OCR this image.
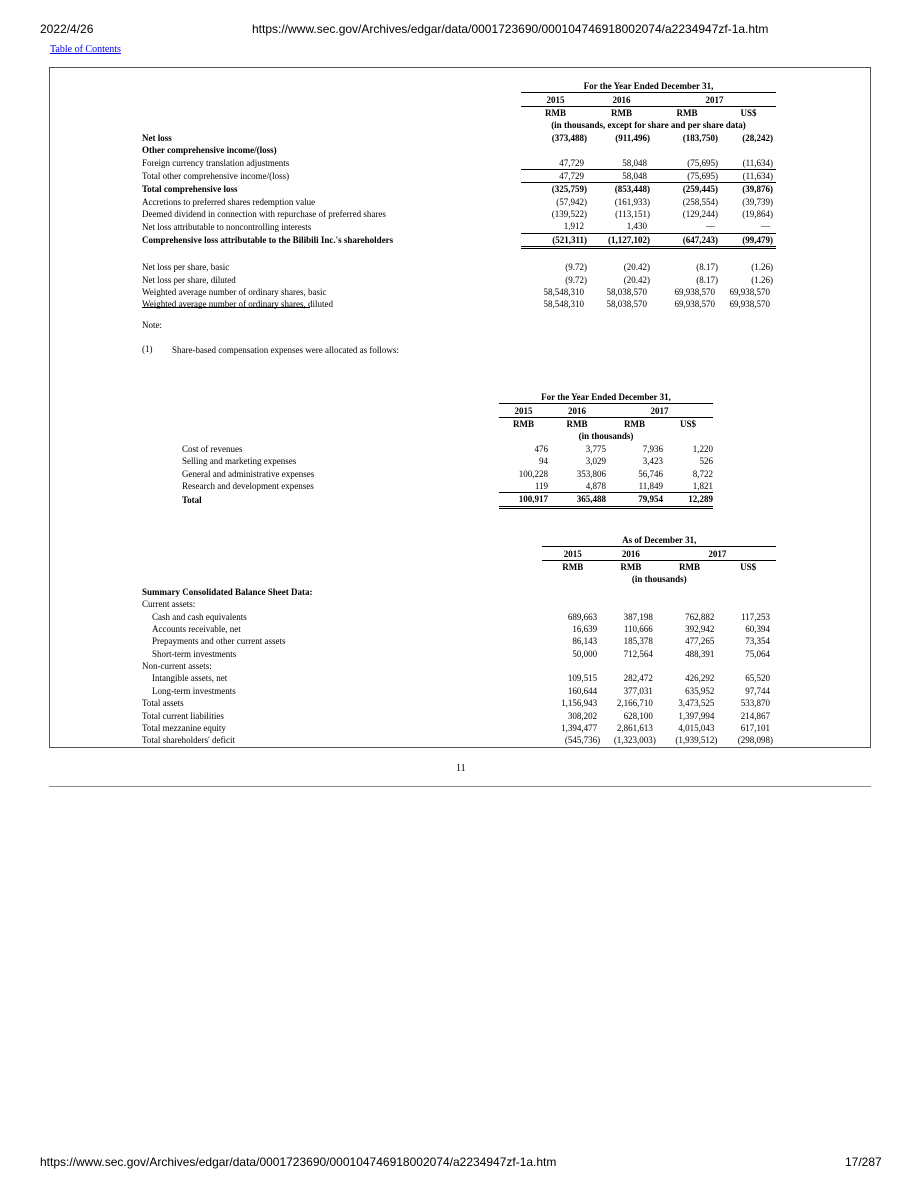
2022/4/26	https://www.sec.gov/Archives/edgar/data/0001723690/000104746918002074/a2234947zf-1a.htm
Table of Contents
	For the Year Ended December 31,							
	2015		2016		2017			
	RMB		RMB		RMB		US$	
	(in thousands, except for share and per share data)							
Net loss	(373,488	)	(911,496	)	(183,750	)	(28,242	)
Other comprehensive income/(loss)								
Foreign currency translation adjustments	47,729		58,048		(75,695	)	(11,634	)
Total other comprehensive income/(loss)	47,729		58,048		(75,695	)	(11,634	)
Total comprehensive loss	(325,759	)	(853,448	)	(259,445	)	(39,876	)
Accretions to preferred shares redemption value	(57,942	)	(161,933	)	(258,554	)	(39,739	)
Deemed dividend in connection with repurchase of preferred shares	(139,522	)	(113,151	)	(129,244	)	(19,864	)
Net loss attributable to noncontrolling interests	1,912		1,430		—		—	
Comprehensive loss attributable to the Bilibili Inc.'s shareholders	(521,311	)	(1,127,102	)	(647,243	)	(99,479	)

Net loss per share, basic	(9.72	)	(20.42	)	(8.17	)	(1.26	)
Net loss per share, diluted	(9.72	)	(20.42	)	(8.17	)	(1.26	)
Weighted average number of ordinary shares, basic	58,548,310		58,038,570		69,938,570		69,938,570	
Weighted average number of ordinary shares, diluted	58,548,310		58,038,570		69,938,570		69,938,570	
Note:
(1) Share-based compensation expenses were allocated as follows:
	For the Year Ended December 31,			
	2015	2016	2017	
	RMB	RMB	RMB	US$
	(in thousands)			
Cost of revenues	476	3,775	7,936	1,220
Selling and marketing expenses	94	3,029	3,423	526
General and administrative expenses	100,228	353,806	56,746	8,722
Research and development expenses	119	4,878	11,849	1,821
Total	100,917	365,488	79,954	12,289
	As of December 31,							
	2015		2016		2017			
	RMB		RMB		RMB		US$	
	(in thousands)							
Summary Consolidated Balance Sheet Data:								
Current assets:								
Cash and cash equivalents	689,663		387,198		762,882		117,253	
Accounts receivable, net	16,639		110,666		392,942		60,394	
Prepayments and other current assets	86,143		185,378		477,265		73,354	
Short-term investments	50,000		712,564		488,391		75,064	
Non-current assets:								
Intangible assets, net	109,515		282,472		426,292		65,520	
Long-term investments	160,644		377,031		635,952		97,744	
Total assets	1,156,943		2,166,710		3,473,525		533,870	
Total current liabilities	308,202		628,100		1,397,994		214,867	
Total mezzanine equity	1,394,477		2,861,613		4,015,043		617,101	
Total shareholders' deficit	(545,736	)	(1,323,003	)	(1,939,512	)	(298,098	)
11
https://www.sec.gov/Archives/edgar/data/0001723690/000104746918002074/a2234947zf-1a.htm	17/287
